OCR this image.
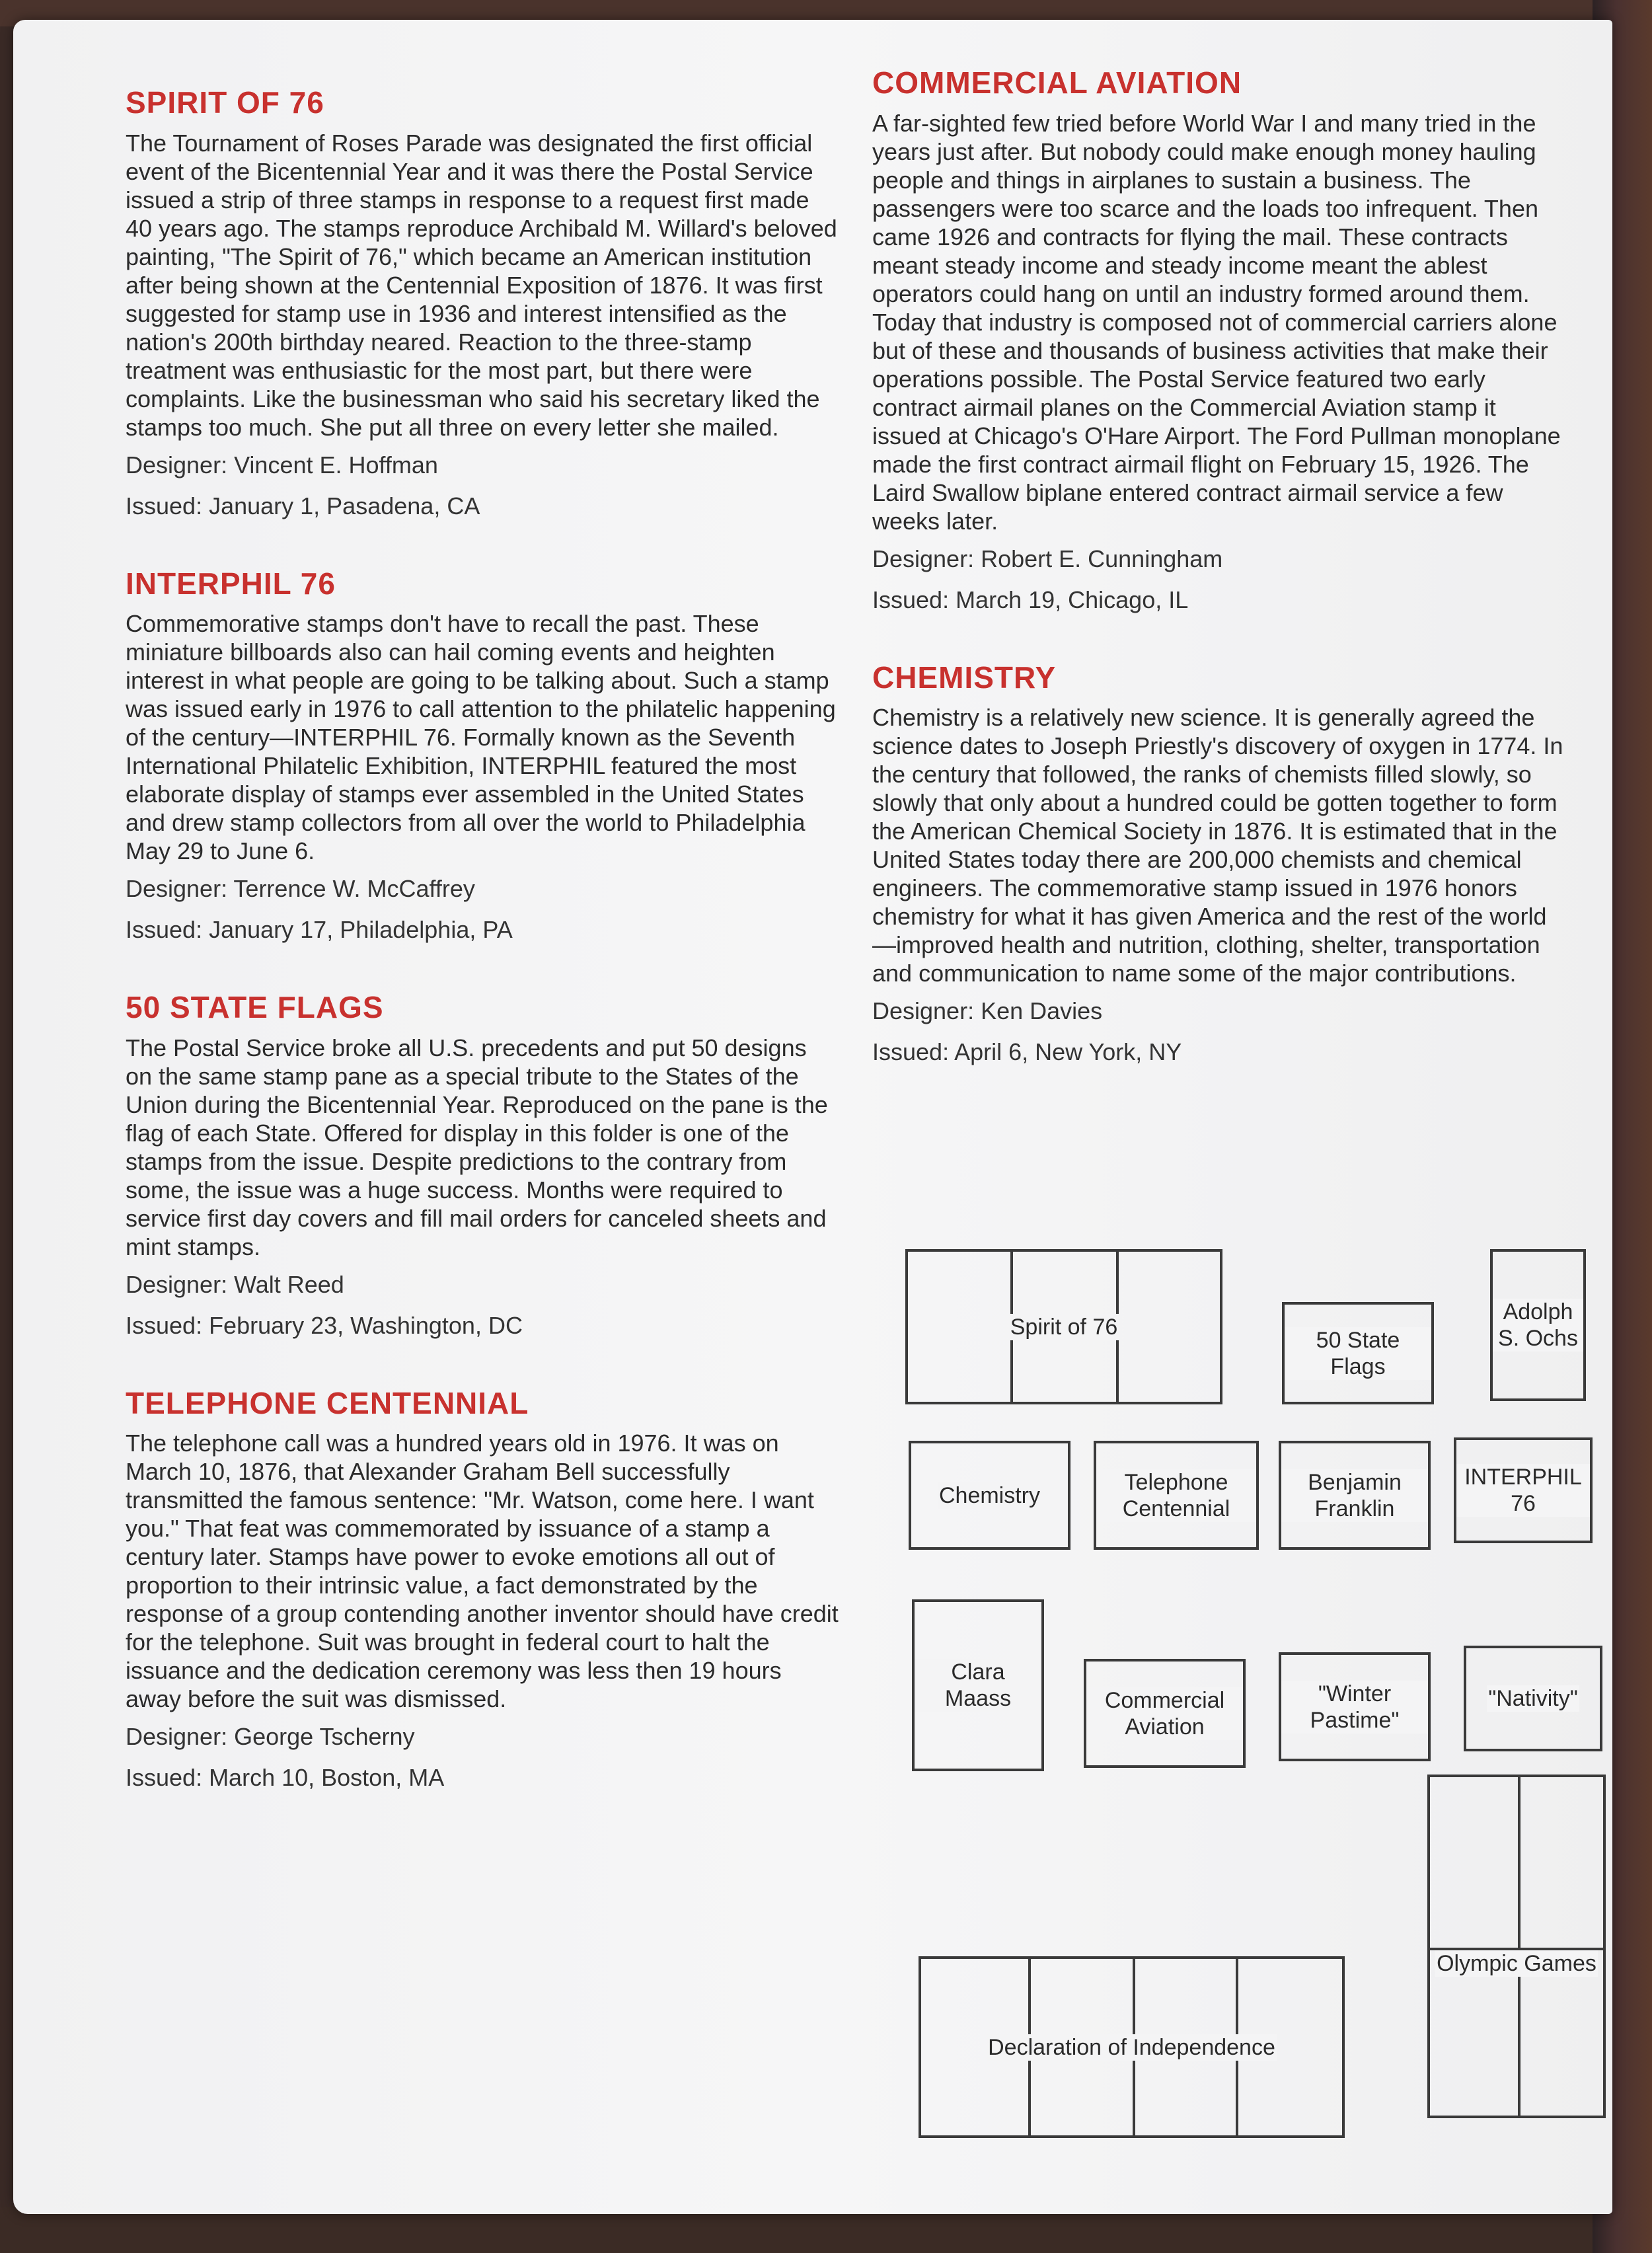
SPIRIT OF 76
The Tournament of Roses Parade was designated the first official event of the Bicentennial Year and it was there the Postal Service issued a strip of three stamps in response to a request first made 40 years ago. The stamps reproduce Archibald M. Willard's beloved painting, "The Spirit of 76," which became an American institution after being shown at the Centennial Exposition of 1876. It was first suggested for stamp use in 1936 and interest intensified as the nation's 200th birthday neared. Reaction to the three-stamp treatment was enthusiastic for the most part, but there were complaints. Like the businessman who said his secretary liked the stamps too much. She put all three on every letter she mailed.
Designer: Vincent E. Hoffman
Issued: January 1, Pasadena, CA
INTERPHIL 76
Commemorative stamps don't have to recall the past. These miniature billboards also can hail coming events and heighten interest in what people are going to be talking about. Such a stamp was issued early in 1976 to call attention to the philatelic happening of the century—INTERPHIL 76. Formally known as the Seventh International Philatelic Exhibition, INTERPHIL featured the most elaborate display of stamps ever assembled in the United States and drew stamp collectors from all over the world to Philadelphia May 29 to June 6.
Designer: Terrence W. McCaffrey
Issued: January 17, Philadelphia, PA
50 STATE FLAGS
The Postal Service broke all U.S. precedents and put 50 designs on the same stamp pane as a special tribute to the States of the Union during the Bicentennial Year. Reproduced on the pane is the flag of each State. Offered for display in this folder is one of the stamps from the issue. Despite predictions to the contrary from some, the issue was a huge success. Months were required to service first day covers and fill mail orders for canceled sheets and mint stamps.
Designer: Walt Reed
Issued: February 23, Washington, DC
TELEPHONE CENTENNIAL
The telephone call was a hundred years old in 1976. It was on March 10, 1876, that Alexander Graham Bell successfully transmitted the famous sentence: "Mr. Watson, come here. I want you." That feat was commemorated by issuance of a stamp a century later. Stamps have power to evoke emotions all out of proportion to their intrinsic value, a fact demonstrated by the response of a group contending another inventor should have credit for the telephone. Suit was brought in federal court to halt the issuance and the dedication ceremony was less then 19 hours away before the suit was dismissed.
Designer: George Tscherny
Issued: March 10, Boston, MA
COMMERCIAL AVIATION
A far-sighted few tried before World War I and many tried in the years just after. But nobody could make enough money hauling people and things in airplanes to sustain a business. The passengers were too scarce and the loads too infrequent. Then came 1926 and contracts for flying the mail. These contracts meant steady income and steady income meant the ablest operators could hang on until an industry formed around them. Today that industry is composed not of commercial carriers alone but of these and thousands of business activities that make their operations possible. The Postal Service featured two early contract airmail planes on the Commercial Aviation stamp it issued at Chicago's O'Hare Airport. The Ford Pullman monoplane made the first contract airmail flight on February 15, 1926. The Laird Swallow biplane entered contract airmail service a few weeks later.
Designer: Robert E. Cunningham
Issued: March 19, Chicago, IL
CHEMISTRY
Chemistry is a relatively new science. It is generally agreed the science dates to Joseph Priestly's discovery of oxygen in 1774. In the century that followed, the ranks of chemists filled slowly, so slowly that only about a hundred could be gotten together to form the American Chemical Society in 1876. It is estimated that in the United States today there are 200,000 chemists and chemical engineers. The commemorative stamp issued in 1976 honors chemistry for what it has given America and the rest of the world—improved health and nutrition, clothing, shelter, transportation and communication to name some of the major contributions.
Designer: Ken Davies
Issued: April 6, New York, NY
Spirit of 76
50 State Flags
Adolph S. Ochs
Chemistry
Telephone Centennial
Benjamin Franklin
INTERPHIL 76
Clara Maass	Commercial Aviation
"Winter Pastime"
"Nativity"
Olympic Games
Declaration of Independence
